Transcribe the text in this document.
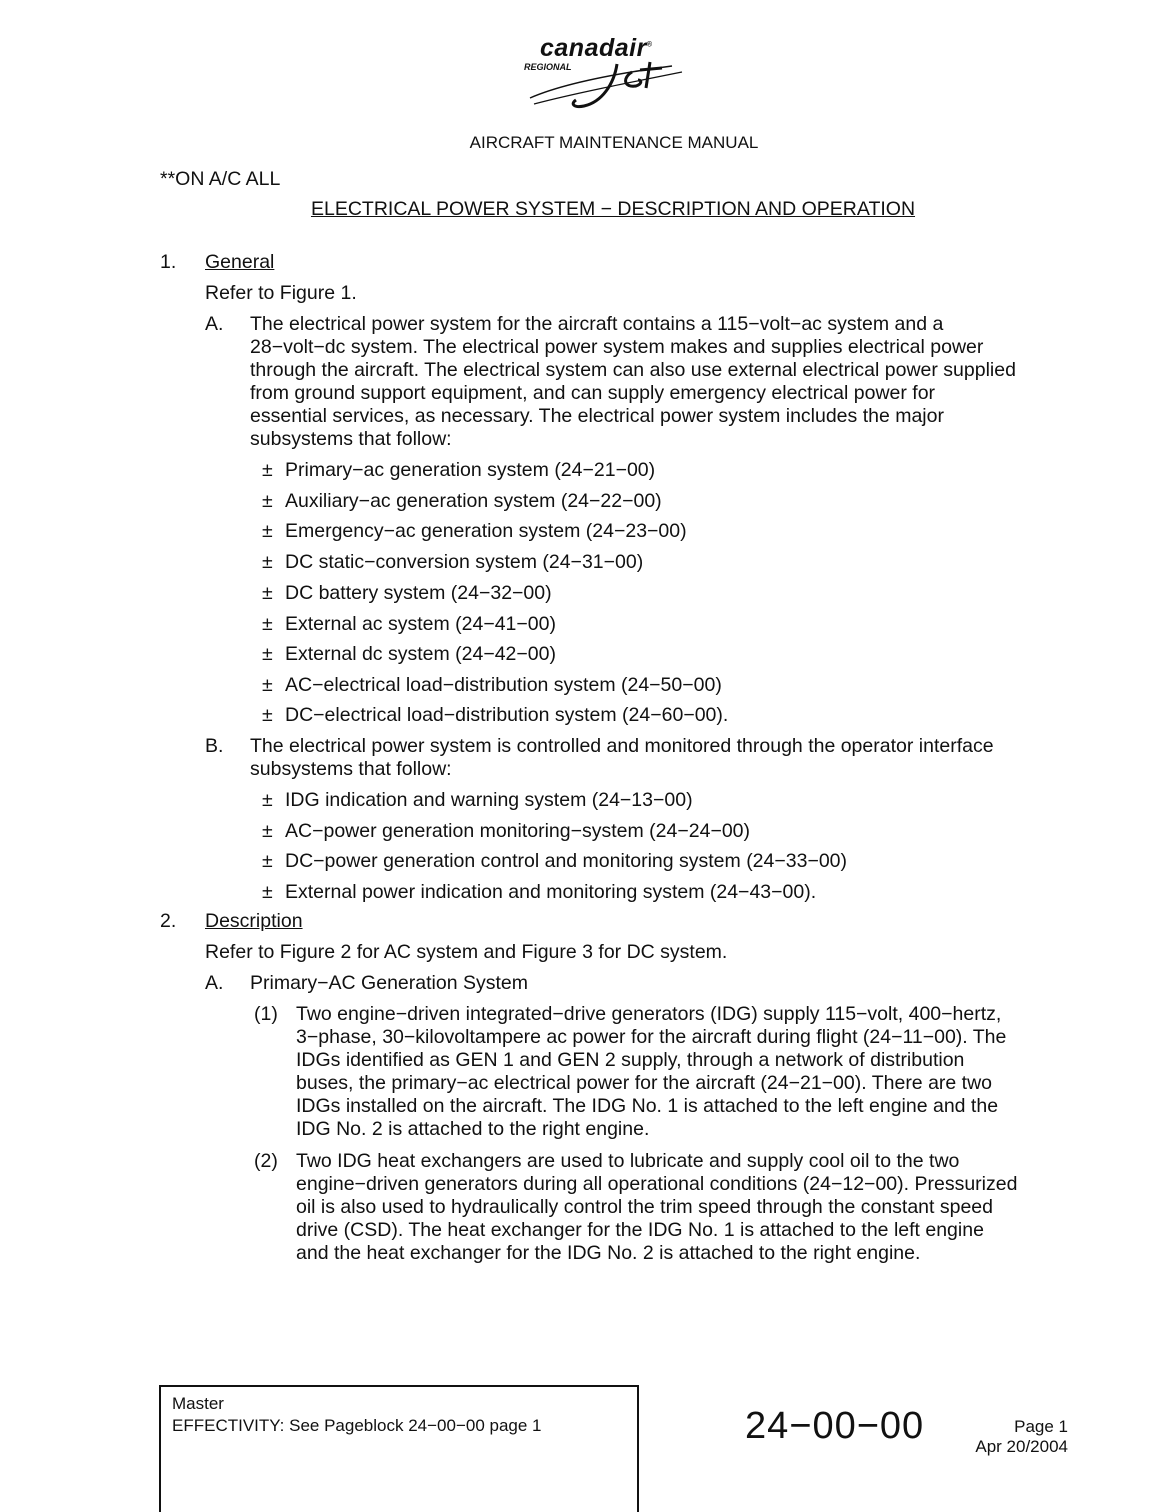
canadair®
REGIONAL
AIRCRAFT MAINTENANCE MANUAL
**ON A/C ALL
ELECTRICAL POWER SYSTEM − DESCRIPTION AND OPERATION
1. General
Refer to Figure 1.
A. The electrical power system for the aircraft contains a 115−volt−ac system and a
28−volt−dc system. The electrical power system makes and supplies electrical power
through the aircraft. The electrical system can also use external electrical power supplied
from ground support equipment, and can supply emergency electrical power for
essential services, as necessary. The electrical power system includes the major
subsystems that follow:
± Primary−ac generation system (24−21−00)
± Auxiliary−ac generation system (24−22−00)
± Emergency−ac generation system (24−23−00)
± DC static−conversion system (24−31−00)
± DC battery system (24−32−00)
± External ac system (24−41−00)
± External dc system (24−42−00)
± AC−electrical load−distribution system (24−50−00)
± DC−electrical load−distribution system (24−60−00).
B. The electrical power system is controlled and monitored through the operator interface
subsystems that follow:
± IDG indication and warning system (24−13−00)
± AC−power generation monitoring−system (24−24−00)
± DC−power generation control and monitoring system (24−33−00)
± External power indication and monitoring system (24−43−00).
2. Description
Refer to Figure 2 for AC system and Figure 3 for DC system.
A. Primary−AC Generation System
(1) Two engine−driven integrated−drive generators (IDG) supply 115−volt, 400−hertz,
3−phase, 30−kilovoltampere ac power for the aircraft during flight (24−11−00). The
IDGs identified as GEN 1 and GEN 2 supply, through a network of distribution
buses, the primary−ac electrical power for the aircraft (24−21−00). There are two
IDGs installed on the aircraft. The IDG No. 1 is attached to the left engine and the
IDG No. 2 is attached to the right engine.
(2) Two IDG heat exchangers are used to lubricate and supply cool oil to the two
engine−driven generators during all operational conditions (24−12−00). Pressurized
oil is also used to hydraulically control the trim speed through the constant speed
drive (CSD). The heat exchanger for the IDG No. 1 is attached to the left engine
and the heat exchanger for the IDG No. 2 is attached to the right engine.
Master
EFFECTIVITY: See Pageblock 24−00−00 page 1	24−00−00	Page 1
Apr 20/2004
